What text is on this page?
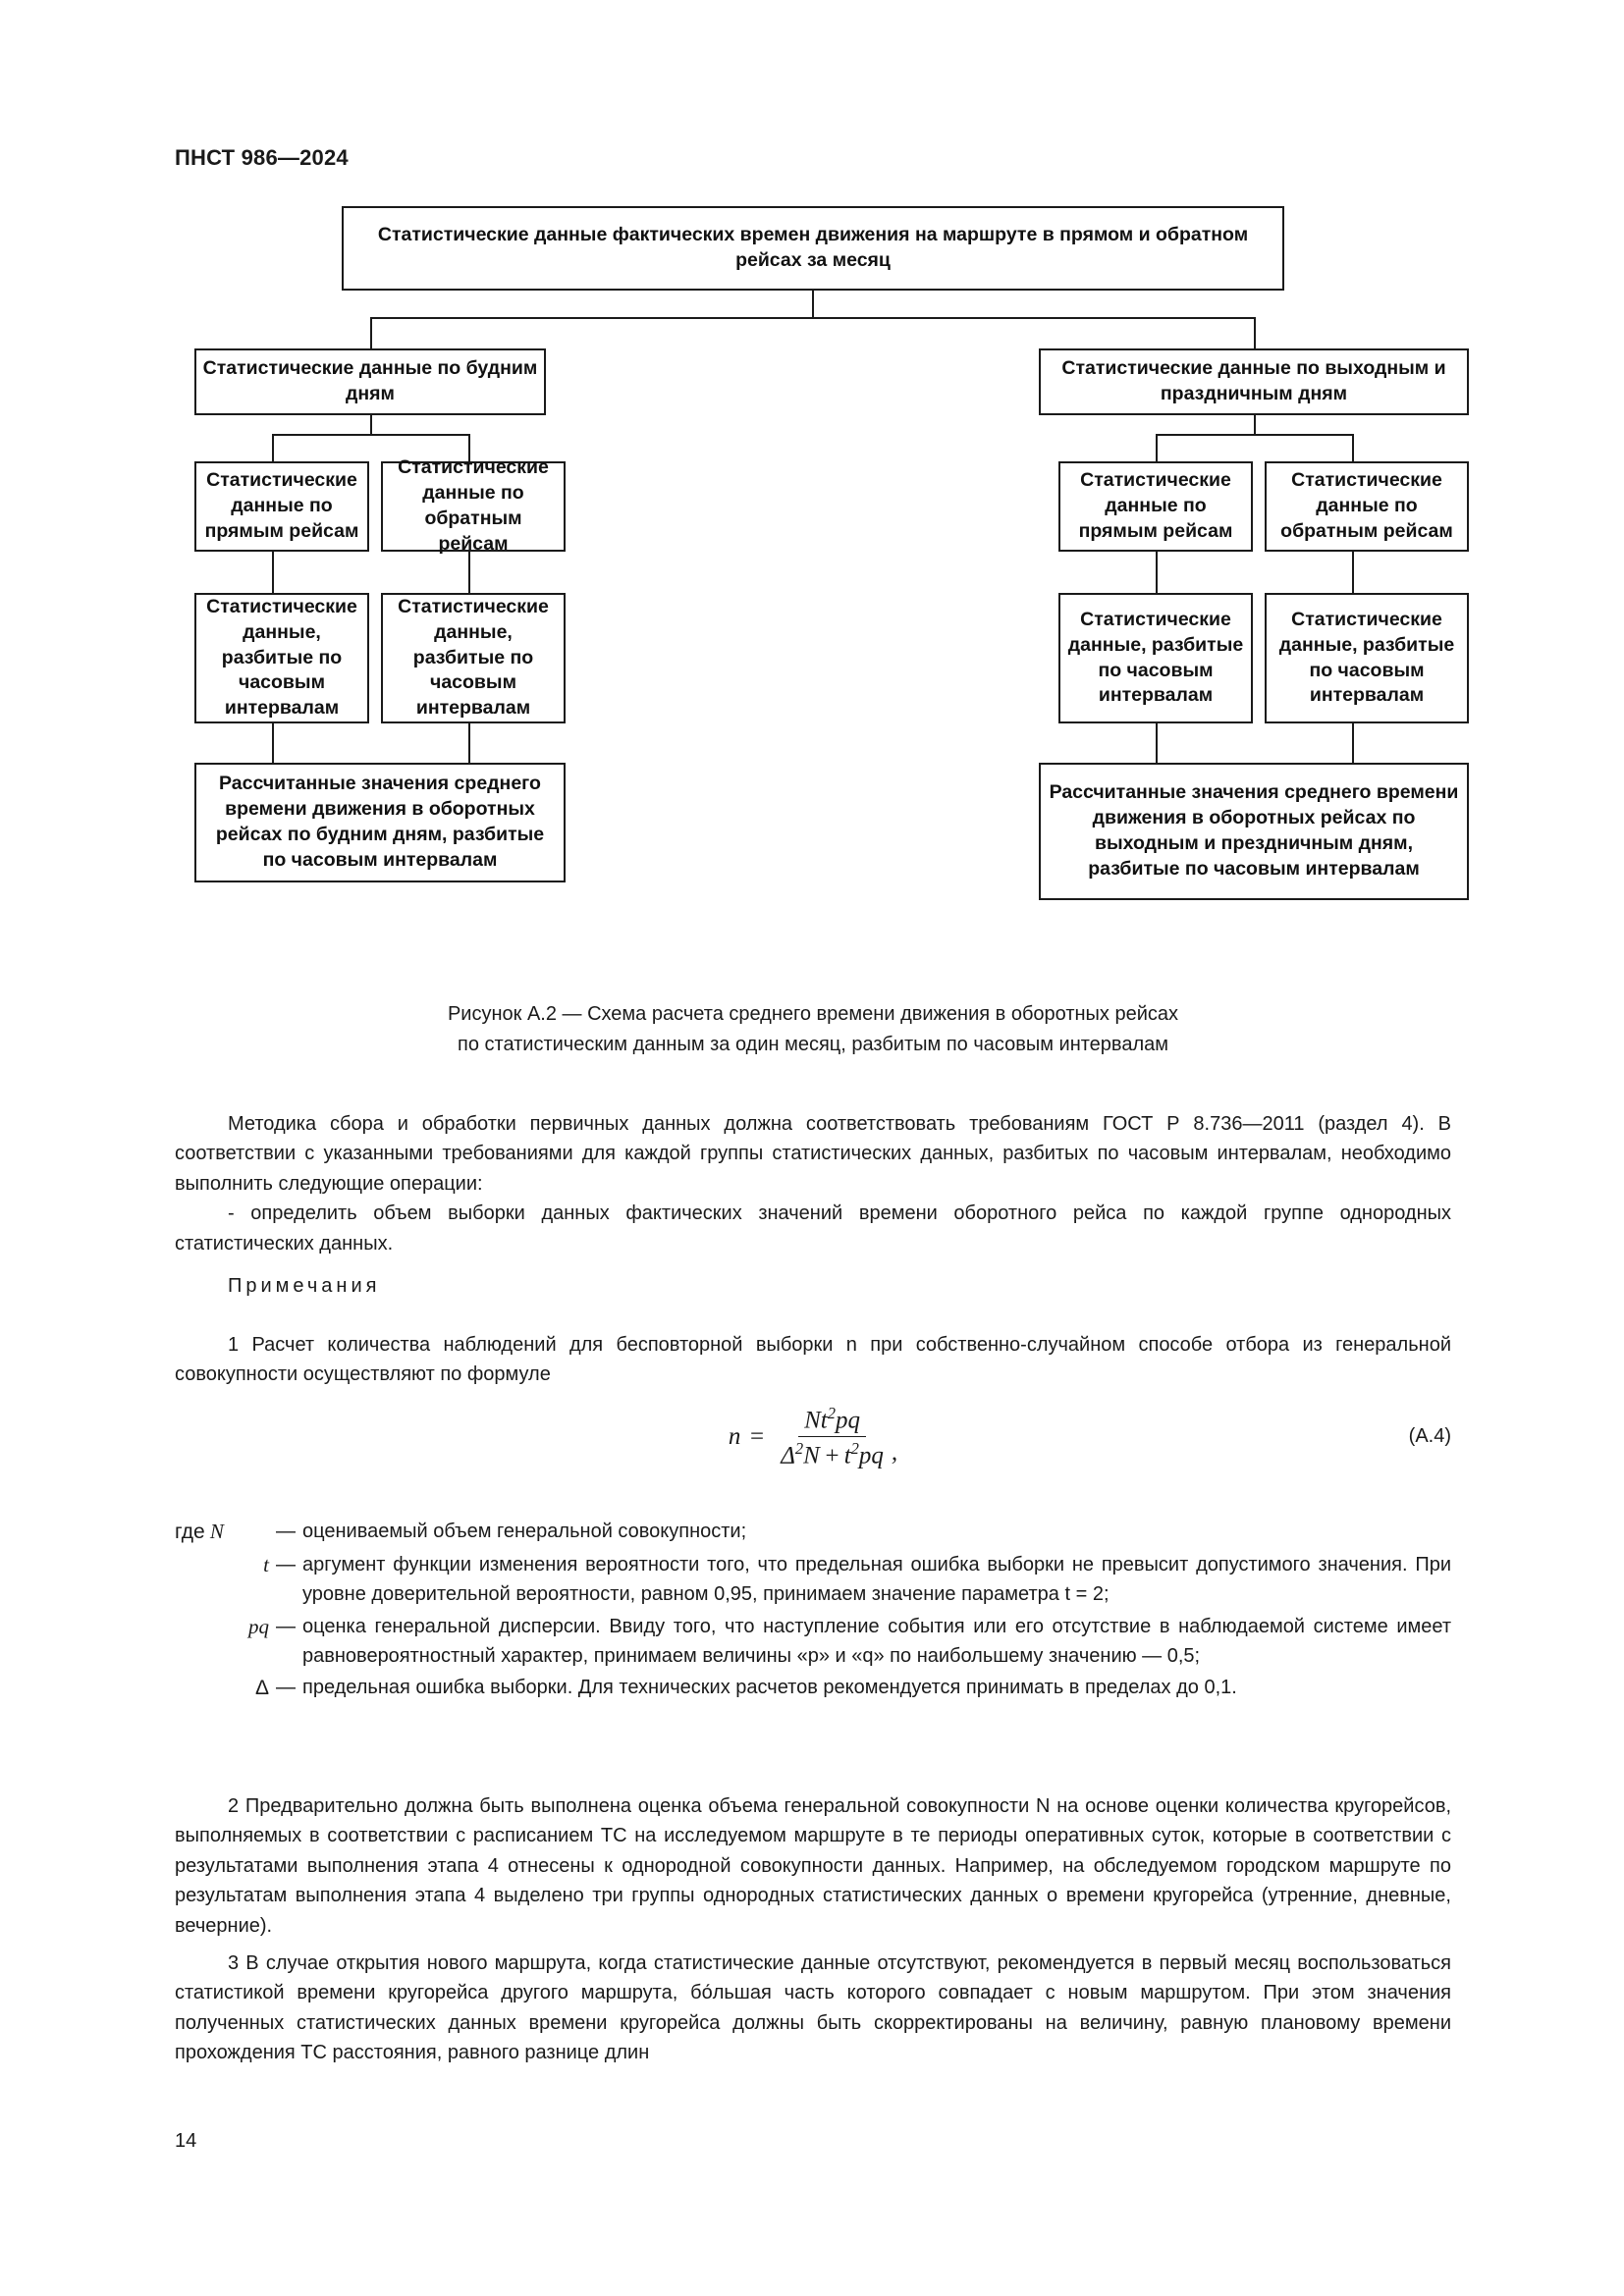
ПНСТ 986—2024
Статистические данные фактических времен движения на маршруте в прямом и обратном рейсах за месяц
Статистические данные по будним дням
Статистические данные по выходным и праздничным дням
Статистические данные по прямым рейсам
Статистические данные по обратным рейсам
Статистические данные по прямым рейсам
Статистические данные по обратным рейсам
Статистические данные, разбитые по часовым интервалам
Статистические данные, разбитые по часовым интервалам
Статистические данные, разбитые по часовым интервалам
Статистические данные, разбитые по часовым интервалам
Рассчитанные значения среднего времени движения в оборотных рейсах по будним дням, разбитые по часовым интервалам
Рассчитанные значения среднего времени движения в оборотных рейсах по выходным и прездничным дням, разбитые по часовым интервалам
Рисунок А.2 — Схема расчета среднего времени движения в оборотных рейсах
по статистическим данным за один месяц, разбитым по часовым интервалам

Методика сбора и обработки первичных данных должна соответствовать требованиям ГОСТ Р 8.736—2011 (раздел 4). В соответствии с указанными требованиями для каждой группы статистических данных, разбитых по часовым интервалам, необходимо выполнить следующие операции:

- определить объем выборки данных фактических значений времени оборотного рейса по каждой группе однородных статистических данных.

Примечания

1 Расчет количества наблюдений для бесповторной выборки n при собственно-случайном способе отбора из генеральной совокупности осуществляют по формуле

$n = \frac{Nt^2pq}{\Delta^2N + t^2pq}$ ,
(А.4)
где N	— оцениваемый объем генеральной совокупности;
t — аргумент функции изменения вероятности того, что предельная ошибка выборки не превысит допустимого значения. При уровне доверительной вероятности, равном 0,95, принимаем значение параметра t = 2;
pq — оценка генеральной дисперсии. Ввиду того, что наступление события или его отсутствие в наблюдаемой системе имеет равновероятностный характер, принимаем величины «p» и «q» по наибольшему значению — 0,5;
Δ — предельная ошибка выборки. Для технических расчетов рекомендуется принимать в пределах до 0,1.

2 Предварительно должна быть выполнена оценка объема генеральной совокупности N на основе оценки количества кругорейсов, выполняемых в соответствии с расписанием ТС на исследуемом маршруте в те периоды оперативных суток, которые в соответствии с результатами выполнения этапа 4 отнесены к однородной совокупности данных. Например, на обследуемом городском маршруте по результатам выполнения этапа 4 выделено три группы однородных статистических данных о времени кругорейса (утренние, дневные, вечерние).

3 В случае открытия нового маршрута, когда статистические данные отсутствуют, рекомендуется в первый месяц воспользоваться статистикой времени кругорейса другого маршрута, бо́льшая часть которого совпадает с новым маршрутом. При этом значения полученных статистических данных времени кругорейса должны быть скорректированы на величину, равную плановому времени прохождения ТС расстояния, равного разнице длин

14
